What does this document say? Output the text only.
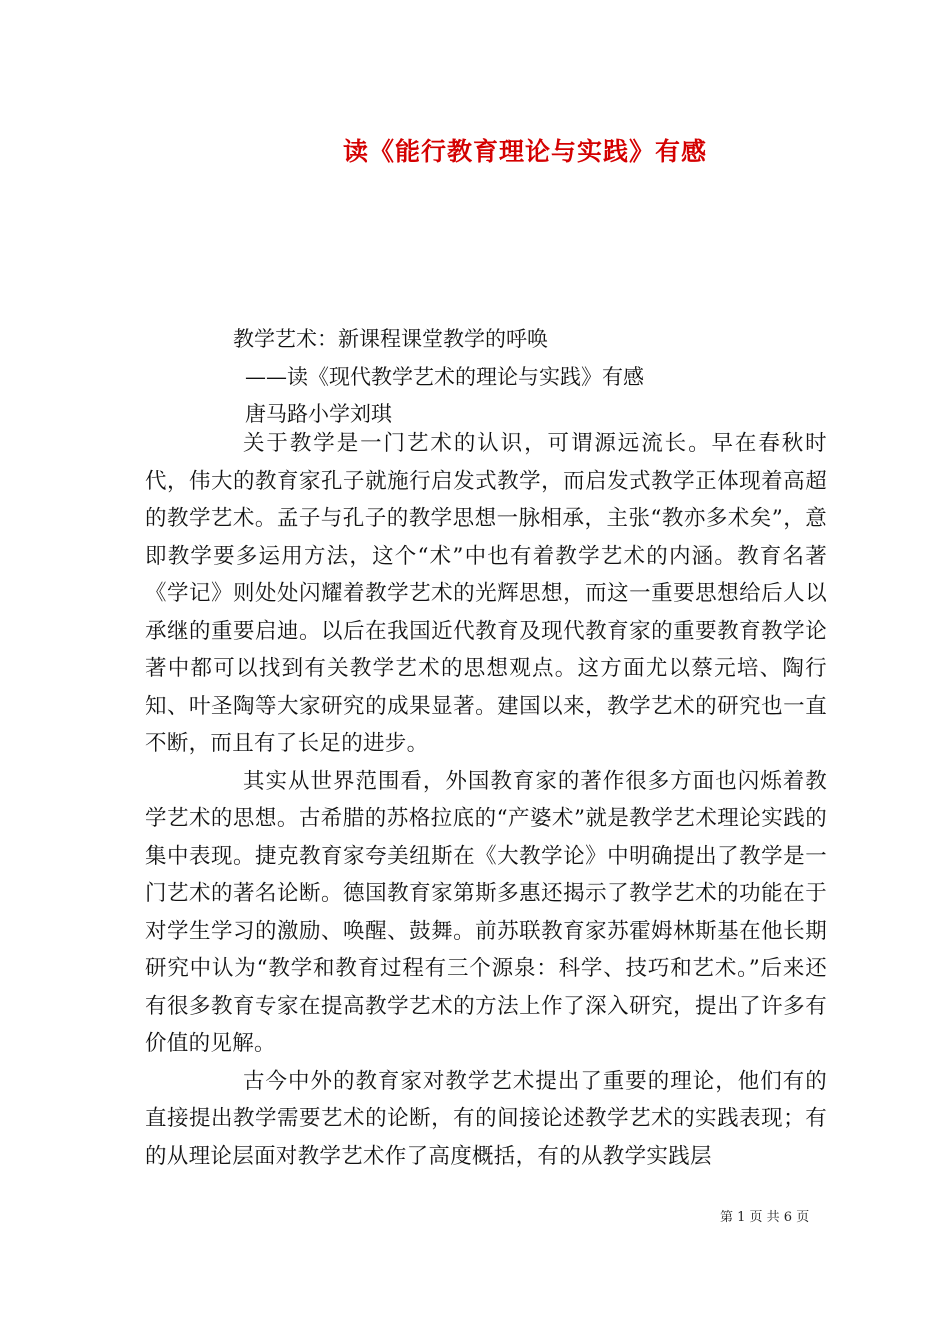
读《能行教育理论与实践》有感
教学艺术：新课程课堂教学的呼唤
——读《现代教学艺术的理论与实践》有感
唐马路小学刘琪

关于教学是一门艺术的认识，可谓源远流长。早在春秋时代，伟大的教育家孔子就施行启发式教学，而启发式教学正体现着高超的教学艺术。孟子与孔子的教学思想一脉相承，主张“教亦多术矣”，意即教学要多运用方法，这个“术”中也有着教学艺术的内涵。教育名著《学记》则处处闪耀着教学艺术的光辉思想，而这一重要思想给后人以承继的重要启迪。以后在我国近代教育及现代教育家的重要教育教学论著中都可以找到有关教学艺术的思想观点。这方面尤以蔡元培、陶行知、叶圣陶等大家研究的成果显著。建国以来，教学艺术的研究也一直不断，而且有了长足的进步。

其实从世界范围看，外国教育家的著作很多方面也闪烁着教学艺术的思想。古希腊的苏格拉底的“产婆术”就是教学艺术理论实践的集中表现。捷克教育家夸美纽斯在《大教学论》中明确提出了教学是一门艺术的著名论断。德国教育家第斯多惠还揭示了教学艺术的功能在于对学生学习的激励、唤醒、鼓舞。前苏联教育家苏霍姆林斯基在他长期研究中认为“教学和教育过程有三个源泉：科学、技巧和艺术。”后来还有很多教育专家在提高教学艺术的方法上作了深入研究，提出了许多有价值的见解。

古今中外的教育家对教学艺术提出了重要的理论，他们有的直接提出教学需要艺术的论断，有的间接论述教学艺术的实践表现；有的从理论层面对教学艺术作了高度概括，有的从教学实践层

第 1 页 共 6 页
